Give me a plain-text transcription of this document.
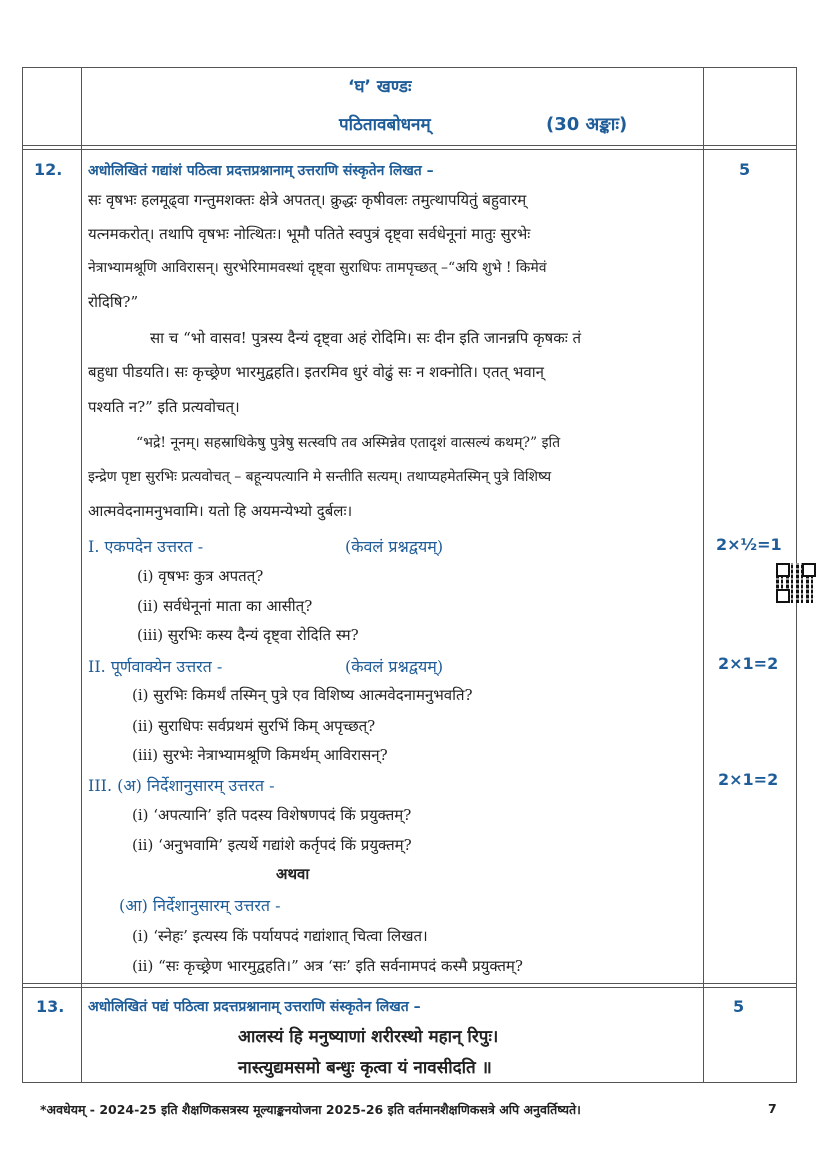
‘घ’ खण्डः
पठितावबोधनम्	(30 अङ्काः)
12. अधोलिखितं गद्यांशं पठित्वा प्रदत्तप्रश्नानाम् उत्तराणि संस्कृतेन लिखत –	5
सः वृषभः हलमूढ्वा गन्तुमशक्तः क्षेत्रे अपतत्। क्रुद्धः कृषीवलः तमुत्थापयितुं बहुवारम्
यत्नमकरोत्। तथापि वृषभः नोत्थितः। भूमौ पतिते स्वपुत्रं दृष्ट्वा सर्वधेनूनां मातुः सुरभेः
नेत्राभ्यामश्रूणि आविरासन्। सुरभेरिमामवस्थां दृष्ट्वा सुराधिपः तामपृच्छत् –“अयि शुभे ! किमेवं
रोदिषि?”
सा च “भो वासव! पुत्रस्य दैन्यं दृष्ट्वा अहं रोदिमि। सः दीन इति जानन्नपि कृषकः तं
बहुधा पीडयति। सः कृच्छ्रेण भारमुद्वहति। इतरमिव धुरं वोढुं सः न शक्नोति। एतत् भवान्
पश्यति न?” इति प्रत्यवोचत्।
“भद्रे! नूनम्। सहस्राधिकेषु पुत्रेषु सत्स्वपि तव अस्मिन्नेव एतादृशं वात्सल्यं कथम्?” इति
इन्द्रेण पृष्टा सुरभिः प्रत्यवोचत् – बहून्यपत्यानि मे सन्तीति सत्यम्। तथाप्यहमेतस्मिन् पुत्रे विशिष्य
आत्मवेदनामनुभवामि। यतो हि अयमन्येभ्यो दुर्बलः।
I. एकपदेन उत्तरत -	(केवलं प्रश्नद्वयम्)	2×½=1
(i) वृषभः कुत्र अपतत्?
(ii) सर्वधेनूनां माता का आसीत्?
(iii) सुरभिः कस्य दैन्यं दृष्ट्वा रोदिति स्म?
II. पूर्णवाक्येन उत्तरत -	(केवलं प्रश्नद्वयम्)	2×1=2
(i) सुरभिः किमर्थं तस्मिन् पुत्रे एव विशिष्य आत्मवेदनामनुभवति?
(ii) सुराधिपः सर्वप्रथमं सुरभिं किम् अपृच्छत्?
(iii) सुरभेः नेत्राभ्यामश्रूणि किमर्थम् आविरासन्?
III. (अ) निर्देशानुसारम् उत्तरत -	2×1=2
(i) ‘अपत्यानि’ इति पदस्य विशेषणपदं किं प्रयुक्तम्?
(ii) ‘अनुभवामि’ इत्यर्थे गद्यांशे कर्तृपदं किं प्रयुक्तम्?
अथवा
(आ) निर्देशानुसारम् उत्तरत -
(i) ‘स्नेहः’ इत्यस्य किं पर्यायपदं गद्यांशात् चित्वा लिखत।
(ii) “सः कृच्छ्रेण भारमुद्वहति।” अत्र ‘सः’ इति सर्वनामपदं कस्मै प्रयुक्तम्?
13. अधोलिखितं पद्यं पठित्वा प्रदत्तप्रश्नानाम् उत्तराणि संस्कृतेन लिखत –	5
आलस्यं हि मनुष्याणां शरीरस्थो महान् रिपुः।
नास्त्युद्यमसमो बन्धुः कृत्वा यं नावसीदति ॥
*अवधेयम् - 2024-25 इति शैक्षणिकसत्रस्य मूल्याङ्कनयोजना 2025-26 इति वर्तमानशैक्षणिकसत्रे अपि अनुवर्तिष्यते।	7
